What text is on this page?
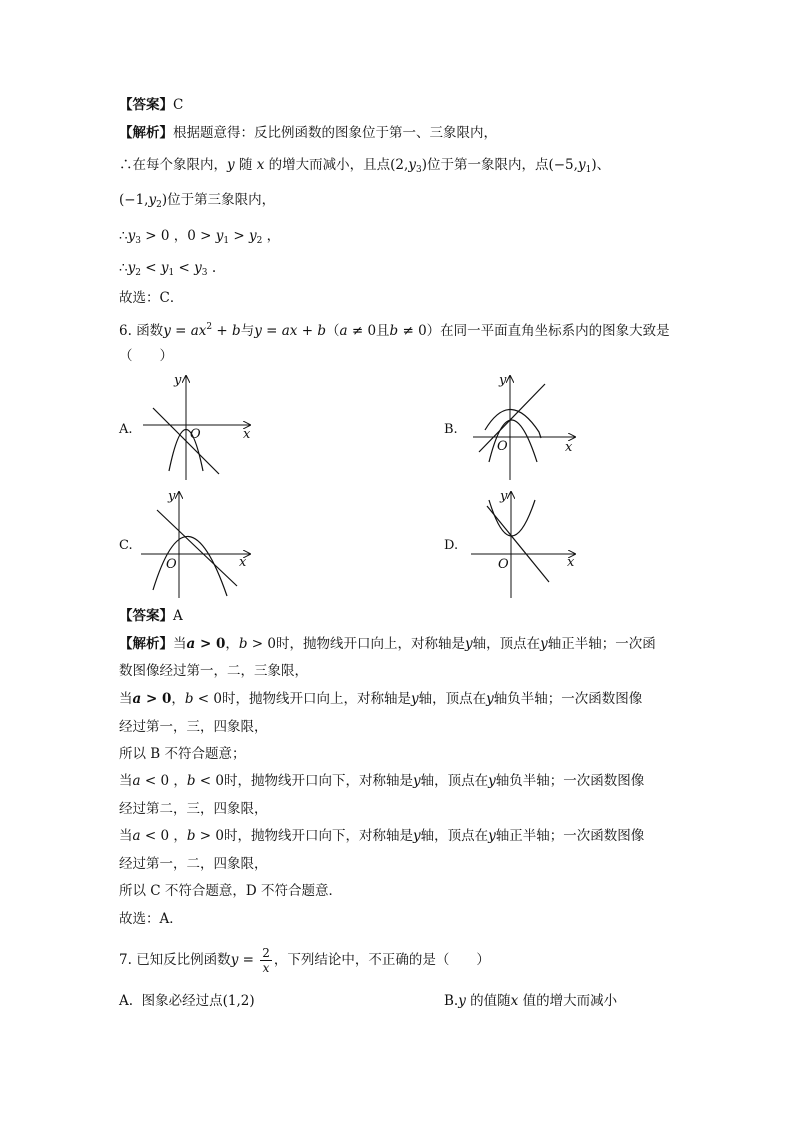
【答案】C
【解析】根据题意得：反比例函数的图象位于第一、三象限内，
∴在每个象限内，y 随 x 的增大而减小，且点$(2,y_3)$位于第一象限内，点$(-5,y_1)$、
$(-1,y_2)$位于第三象限内，
$\therefore y_3 > 0$ ，$0 > y_1 > y_2$ ，
$\therefore y_2 < y_1 < y_3$ .
故选：C．
6. 函数$y = ax^2 + b$与y = ax + b（a ≠ 0且b ≠ 0）在同一平面直角坐标系内的图象大致是
（　　）
A.	B.
C.	D.
x
y
O
x
y
O
x
y
O	x
y
O
【答案】A
【解析】当a > 0，b > 0时，抛物线开口向上，对称轴是y轴，顶点在y轴正半轴；一次函
数图像经过第一，二，三象限，
当a > 0，b < 0时，抛物线开口向上，对称轴是y轴，顶点在y轴负半轴；一次函数图像
经过第一，三，四象限，
所以 B 不符合题意；
当a < 0 ，b < 0时，抛物线开口向下，对称轴是y轴，顶点在y轴负半轴；一次函数图像
经过第二，三，四象限，
当a < 0 ，b > 0时，抛物线开口向下，对称轴是y轴，顶点在y轴正半轴；一次函数图像
经过第一，二，四象限，
所以 C 不符合题意，D 不符合题意．
故选：A．
7. 已知反比例函数$y = \frac{2}{x}$ ，下列结论中，不正确的是（　　）
A. 图象必经过点(1,2)	B.y 的值随x 值的增大而减小
